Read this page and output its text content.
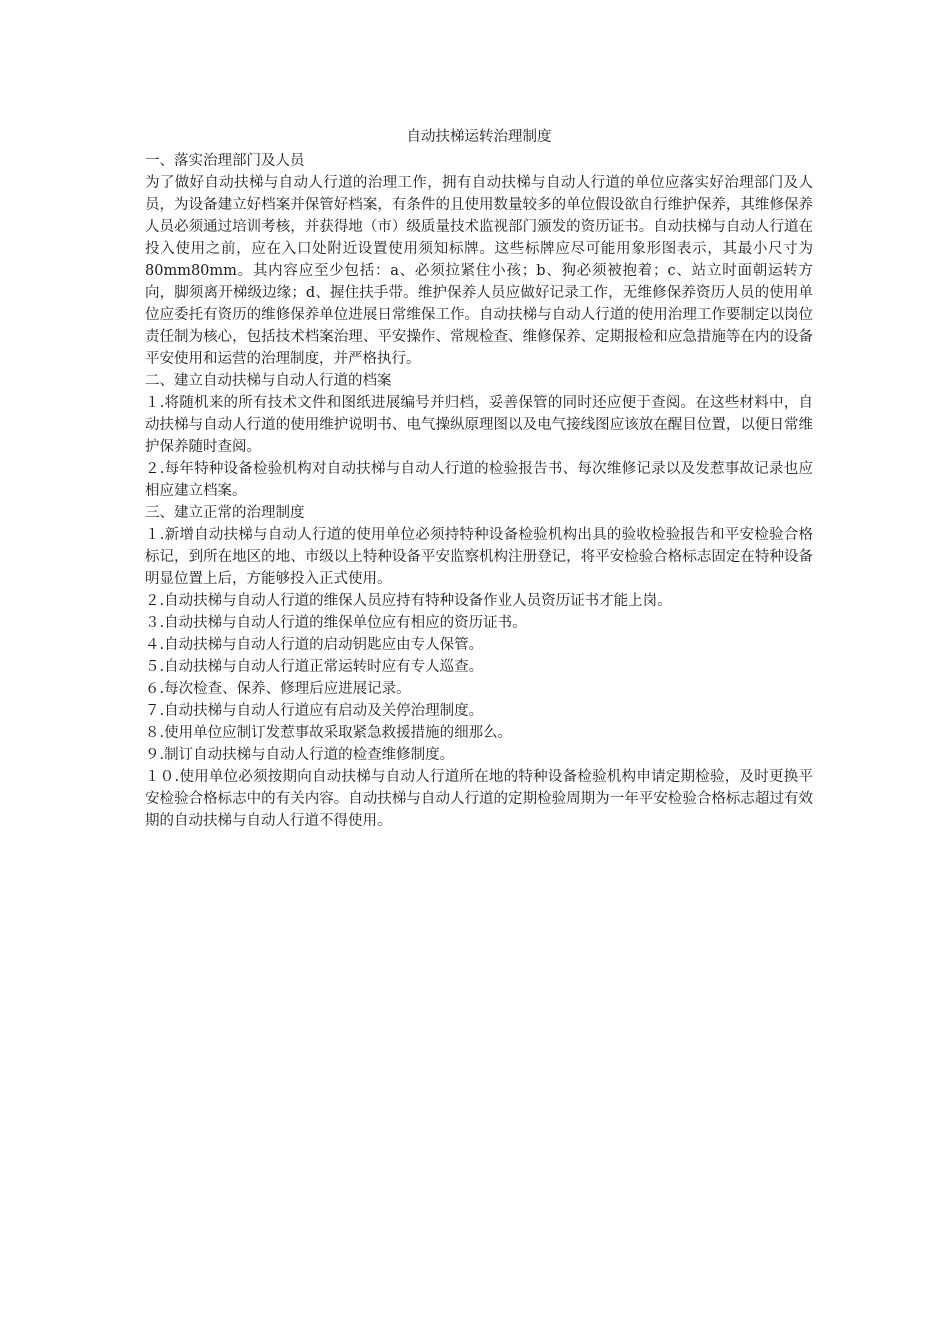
自动扶梯运转治理制度

一、落实治理部门及人员

为了做好自动扶梯与自动人行道的治理工作，拥有自动扶梯与自动人行道的单位应落实好治理部门及人员，为设备建立好档案并保管好档案，有条件的且使用数量较多的单位假设欲自行维护保养，其维修保养人员必须通过培训考核，并获得地（市）级质量技术监视部门颁发的资历证书。自动扶梯与自动人行道在投入使用之前，应在入口处附近设置使用须知标牌。这些标牌应尽可能用象形图表示，其最小尺寸为80mm80mm。其内容应至少包括：a、必须拉紧住小孩；b、狗必须被抱着；c、站立时面朝运转方向，脚须离开梯级边缘；d、握住扶手带。维护保养人员应做好记录工作，无维修保养资历人员的使用单位应委托有资历的维修保养单位进展日常维保工作。自动扶梯与自动人行道的使用治理工作要制定以岗位责任制为核心，包括技术档案治理、平安操作、常规检查、维修保养、定期报检和应急措施等在内的设备平安使用和运营的治理制度，并严格执行。

二、建立自动扶梯与自动人行道的档案

１.将随机来的所有技术文件和图纸进展编号并归档，妥善保管的同时还应便于查阅。在这些材料中，自动扶梯与自动人行道的使用维护说明书、电气操纵原理图以及电气接线图应该放在醒目位置，以便日常维护保养随时查阅。

２.每年特种设备检验机构对自动扶梯与自动人行道的检验报告书、每次维修记录以及发惹事故记录也应相应建立档案。

三、建立正常的治理制度

１.新增自动扶梯与自动人行道的使用单位必须持特种设备检验机构出具的验收检验报告和平安检验合格标记，到所在地区的地、市级以上特种设备平安监察机构注册登记，将平安检验合格标志固定在特种设备明显位置上后，方能够投入正式使用。

２.自动扶梯与自动人行道的维保人员应持有特种设备作业人员资历证书才能上岗。

３.自动扶梯与自动人行道的维保单位应有相应的资历证书。

４.自动扶梯与自动人行道的启动钥匙应由专人保管。

５.自动扶梯与自动人行道正常运转时应有专人巡查。

６.每次检查、保养、修理后应进展记录。

７.自动扶梯与自动人行道应有启动及关停治理制度。

８.使用单位应制订发惹事故采取紧急救援措施的细那么。

９.制订自动扶梯与自动人行道的检查维修制度。

１０.使用单位必须按期向自动扶梯与自动人行道所在地的特种设备检验机构申请定期检验，及时更换平安检验合格标志中的有关内容。自动扶梯与自动人行道的定期检验周期为一年平安检验合格标志超过有效期的自动扶梯与自动人行道不得使用。
